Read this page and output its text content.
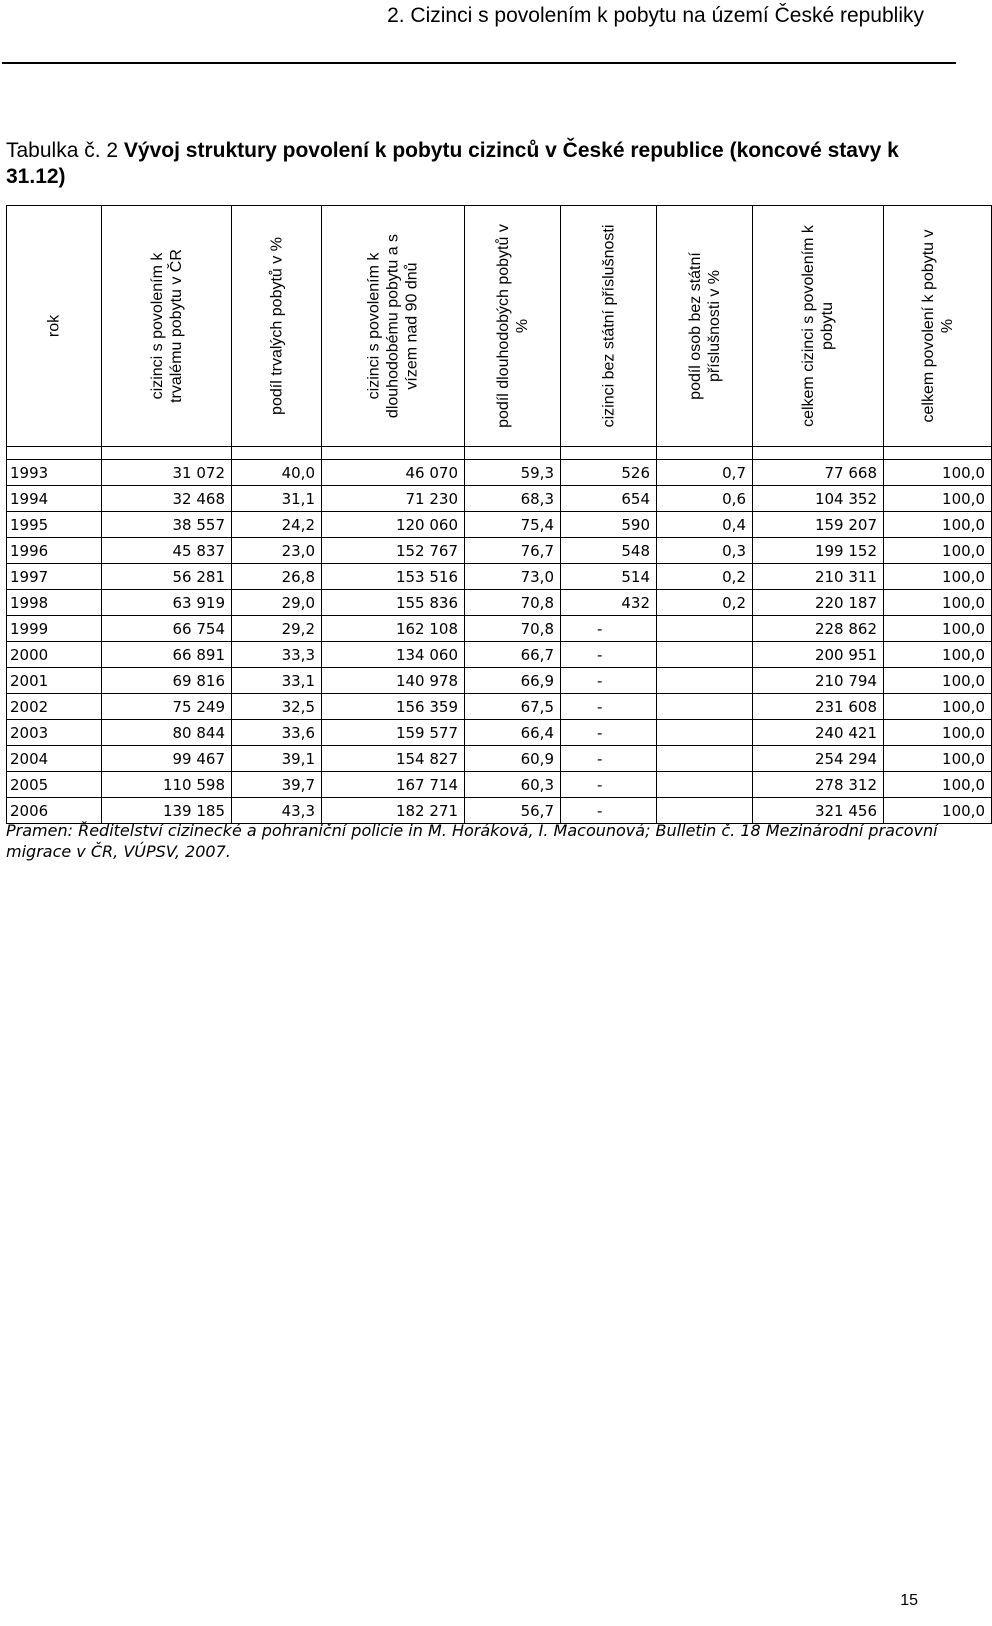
2. Cizinci s povolením k pobytu na území České republiky
Tabulka č. 2 Vývoj struktury povolení k pobytu cizinců v České republice (koncové stavy k 31.12)
rok	cizinci s povolením k trvalému pobytu v ČR	podíl trvalých pobytů v %	cizinci s povolením k dlouhodobému pobytu a s vízem nad 90 dnů	podíl dlouhodobých pobytů v %	cizinci bez státní příslušnosti	podíl osob bez státní příslušnosti v %	celkem cizinci s povolením k pobytu	celkem povolení k pobytu v %

1993	31 072	40,0	46 070	59,3	526	0,7	77 668	100,0
1994	32 468	31,1	71 230	68,3	654	0,6	104 352	100,0
1995	38 557	24,2	120 060	75,4	590	0,4	159 207	100,0
1996	45 837	23,0	152 767	76,7	548	0,3	199 152	100,0
1997	56 281	26,8	153 516	73,0	514	0,2	210 311	100,0
1998	63 919	29,0	155 836	70,8	432	0,2	220 187	100,0
1999	66 754	29,2	162 108	70,8	-		228 862	100,0
2000	66 891	33,3	134 060	66,7	-		200 951	100,0
2001	69 816	33,1	140 978	66,9	-		210 794	100,0
2002	75 249	32,5	156 359	67,5	-		231 608	100,0
2003	80 844	33,6	159 577	66,4	-		240 421	100,0
2004	99 467	39,1	154 827	60,9	-		254 294	100,0
2005	110 598	39,7	167 714	60,3	-		278 312	100,0
2006	139 185	43,3	182 271	56,7	-		321 456	100,0
Pramen: Ředitelství cizinecké a pohraniční policie in M. Horáková, I. Macounová; Bulletin č. 18 Mezinárodní pracovní migrace v ČR, VÚPSV, 2007.
15
